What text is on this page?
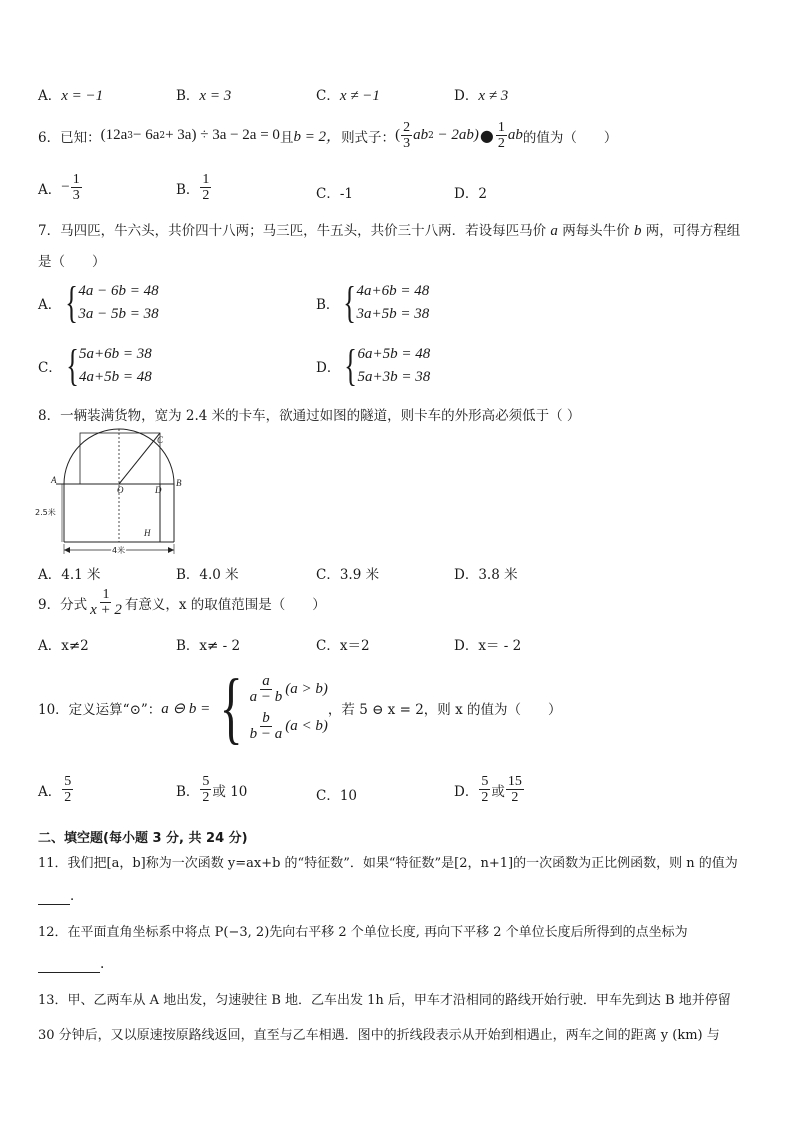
A．x = −1	B．x = 3	C．x ≠ −1	D．x ≠ 3
6．已知： (12a 3 − 6a 2 + 3a) ÷ 3a − 2a = 0 且 b = 2， 则式子： ( $\frac{2}{3}$ ab 2 − 2ab) ● $\frac{1}{2}$ ab 的值为（　　）
A． − $\frac{1}{3}$	B． $\frac{1}{2}$	C．-1	D．2
7．马四匹，牛六头，共价四十八两；马三匹，牛五头，共价三十八两．若设每匹马价 a 两每头牛价 b 两，可得方程组
是（　　）
A． { 4a − 6b = 48
3a − 5b = 38
B． { 4a+6b = 48
3a+5b = 38
C． { 5a+6b = 38
4a+5b = 48
D． { 6a+5b = 48
5a+3b = 38
8．一辆装满货物，宽为 2.4 米的卡车，欲通过如图的隧道，则卡车的外形高必须低于（ ）
C
A
O	D
B
H
2.5米
4米
A．4.1 米	B．4.0 米	C．3.9 米	D．3.8 米
9．分式 $\frac{1}{x + 2}$ 有意义，x 的取值范围是（　　）
A．x≠2	B．x≠ - 2	C．x＝2	D．x＝ - 2
10．定义运算“⊙”： a ⊖ b = { $\frac{a}{a - b} (a > b)$
$\frac{b}{b - a} (a < b)$
，若 5 ⊖ x = 2，则 x 的值为（　　）
A． $\frac{5}{2}$	B． $\frac{5}{2}$ 或 10	C．10	D． $\frac{5}{2}$ 或 $\frac{15}{2}$
二、填空题(每小题 3 分, 共 24 分)
11．我们把[a，b]称为一次函数 y=ax+b 的“特征数”．如果“特征数”是[2，n+1]的一次函数为正比例函数，则 n 的值为
．
12．在平面直角坐标系中将点 P(−3, 2)先向右平移 2 个单位长度, 再向下平移 2 个单位长度后所得到的点坐标为
.
13．甲、乙两车从 A 地出发，匀速驶往 B 地．乙车出发 1h 后，甲车才沿相同的路线开始行驶．甲车先到达 B 地并停留
30 分钟后，又以原速按原路线返回，直至与乙车相遇．图中的折线段表示从开始到相遇止，两车之间的距离 y (km) 与
